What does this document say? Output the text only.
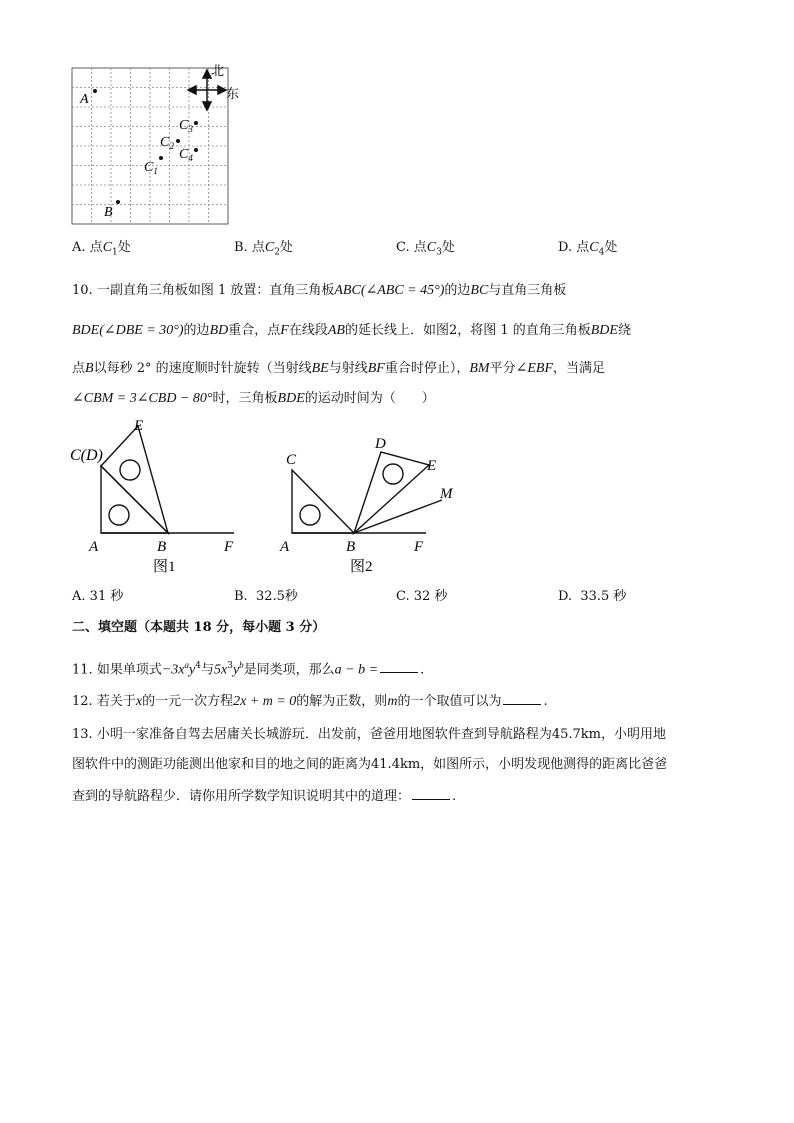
北
东
A
$C_3$
$C_2$
$C_4$
$C_1$
B
A. 点$C_1$处	B. 点$C_2$处	C. 点$C_3$处	D. 点$C_4$处
10. 一副直角三角板如图 1 放置：直角三角板ABC(∠ABC = 45°)的边BC与直角三角板
BDE(∠DBE = 30°)的边BD重合，点F在线段AB的延长线上．如图2，将图 1 的直角三角板BDE绕
点B以每秒 2° 的速度顺时针旋转（当射线BE与射线BF重合时停止），BM平分∠EBF，当满足
∠CBM = 3∠CBD − 80°时，三角板BDE的运动时间为（　　）
C(D)
E
A	B	F
图1
C
D
E
M
A	B	F
图2
A. 31 秒	B. 32.5秒	C. 32 秒	D. 33.5 秒
二、填空题（本题共 18 分，每小题 3 分）
11. 如果单项式$-3x^ay^4$与$5x^3y^b$是同类项，那么a − b =	.
12. 若关于x的一元一次方程2x + m = 0的解为正数，则m的一个取值可以为	.
13. 小明一家准备自驾去居庸关长城游玩．出发前，爸爸用地图软件查到导航路程为45.7km，小明用地
图软件中的测距功能测出他家和目的地之间的距离为41.4km，如图所示，小明发现他测得的距离比爸爸
查到的导航路程少．请你用所学数学知识说明其中的道理：	.
